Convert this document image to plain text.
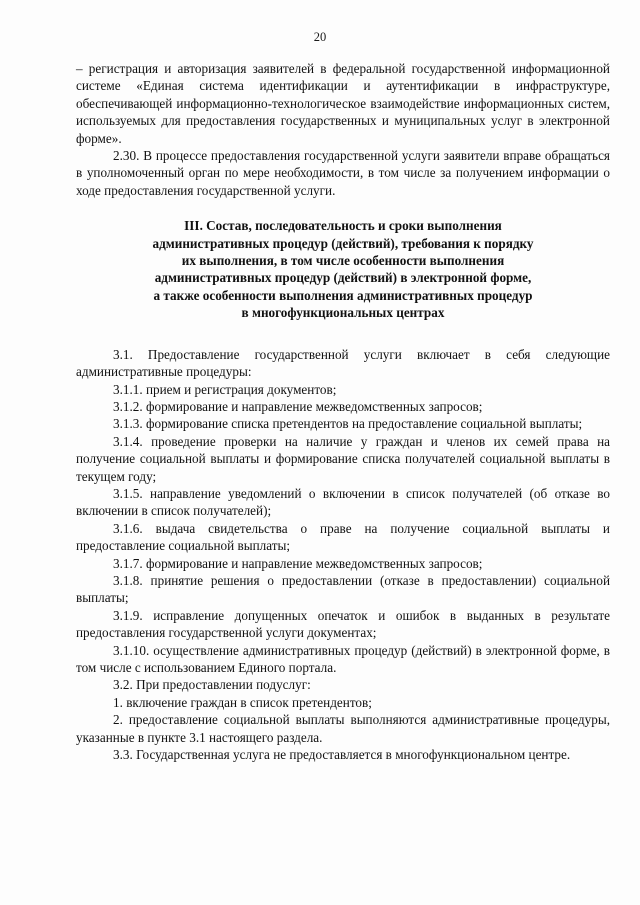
20

– регистрация и авторизация заявителей в федеральной государственной информационной системе «Единая система идентификации и аутентификации в инфраструктуре, обеспечивающей информационно-технологическое взаимодействие информационных систем, используемых для предоставления государственных и муниципальных услуг в электронной форме».

2.30. В процессе предоставления государственной услуги заявители вправе обращаться в уполномоченный орган по мере необходимости, в том числе за получением информации о ходе предоставления государственной услуги.

III. Состав, последовательность и сроки выполнения
административных процедур (действий), требования к порядку
их выполнения, в том числе особенности выполнения
административных процедур (действий) в электронной форме,
а также особенности выполнения административных процедур
в многофункциональных центрах

3.1. Предоставление государственной услуги включает в себя следующие административные процедуры:

3.1.1. прием и регистрация документов;

3.1.2. формирование и направление межведомственных запросов;

3.1.3. формирование списка претендентов на предоставление социальной выплаты;

3.1.4. проведение проверки на наличие у граждан и членов их семей права на получение социальной выплаты и формирование списка получателей социальной выплаты в текущем году;

3.1.5. направление уведомлений о включении в список получателей (об отказе во включении в список получателей);

3.1.6. выдача свидетельства о праве на получение социальной выплаты и предоставление социальной выплаты;

3.1.7. формирование и направление межведомственных запросов;

3.1.8. принятие решения о предоставлении (отказе в предоставлении) социальной выплаты;

3.1.9. исправление допущенных опечаток и ошибок в выданных в результате предоставления государственной услуги документах;

3.1.10. осуществление административных процедур (действий) в электронной форме, в том числе с использованием Единого портала.

3.2. При предоставлении подуслуг:

1. включение граждан в список претендентов;

2. предоставление социальной выплаты выполняются административные процедуры, указанные в пункте 3.1 настоящего раздела.

3.3. Государственная услуга не предоставляется в многофункциональном центре.
